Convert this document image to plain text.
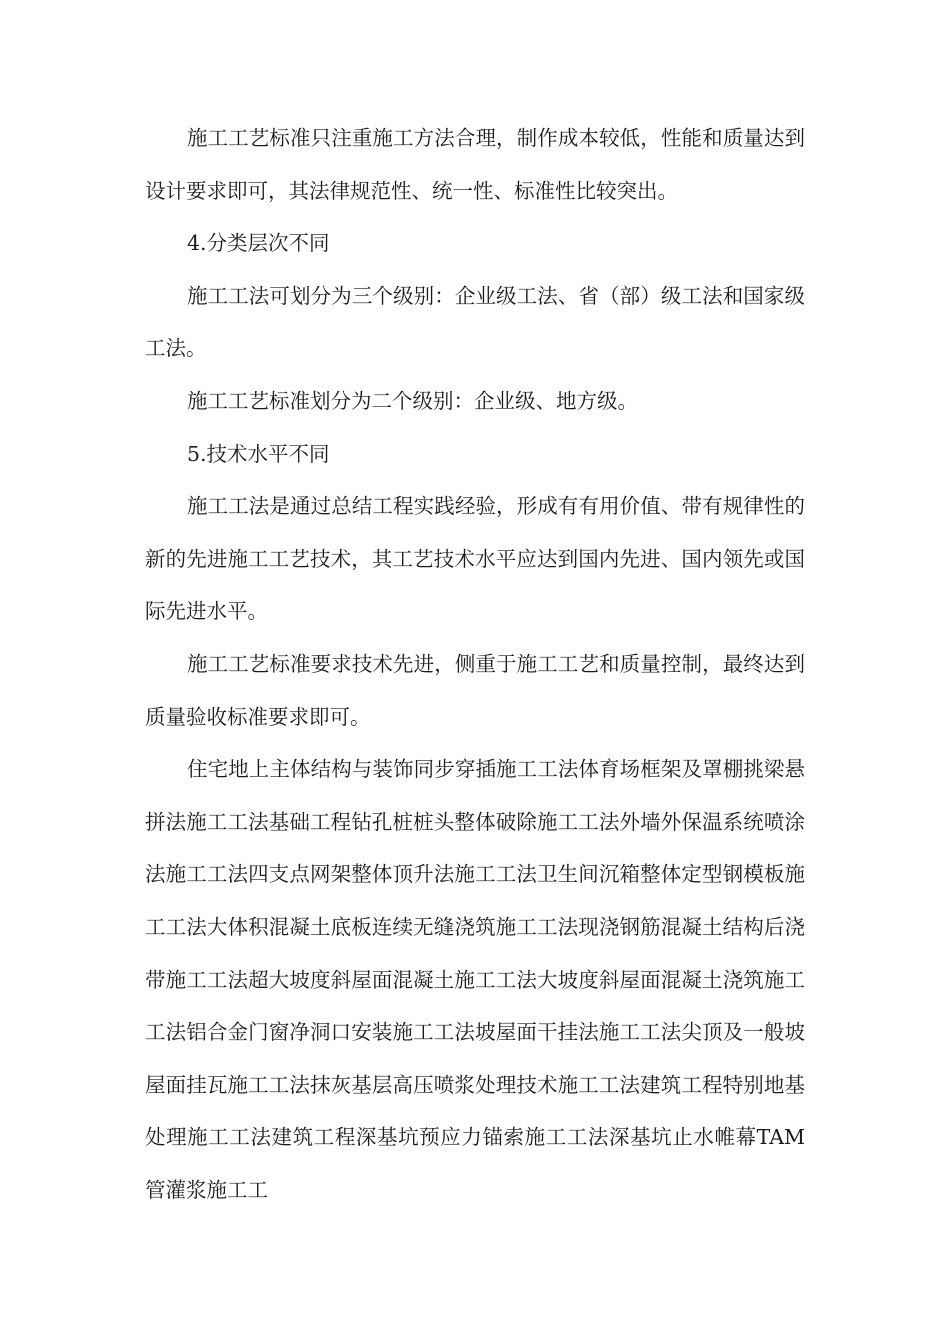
施工工艺标准只注重施工方法合理，制作成本较低，性能和质量达到设计要求即可，其法律规范性、统一性、标准性比较突出。

4.分类层次不同

施工工法可划分为三个级别：企业级工法、省（部）级工法和国家级工法。

施工工艺标准划分为二个级别：企业级、地方级。

5.技术水平不同

施工工法是通过总结工程实践经验，形成有有用价值、带有规律性的新的先进施工工艺技术，其工艺技术水平应达到国内先进、国内领先或国际先进水平。

施工工艺标准要求技术先进，侧重于施工工艺和质量控制，最终达到质量验收标准要求即可。

住宅地上主体结构与装饰同步穿插施工工法体育场框架及罩棚挑梁悬拼法施工工法基础工程钻孔桩桩头整体破除施工工法外墙外保温系统喷涂法施工工法四支点网架整体顶升法施工工法卫生间沉箱整体定型钢模板施工工法大体积混凝土底板连续无缝浇筑施工工法现浇钢筋混凝土结构后浇带施工工法超大坡度斜屋面混凝土施工工法大坡度斜屋面混凝土浇筑施工工法铝合金门窗净洞口安装施工工法坡屋面干挂法施工工法尖顶及一般坡屋面挂瓦施工工法抹灰基层高压喷浆处理技术施工工法建筑工程特别地基处理施工工法建筑工程深基坑预应力锚索施工工法深基坑止水帷幕TAM管灌浆施工工
